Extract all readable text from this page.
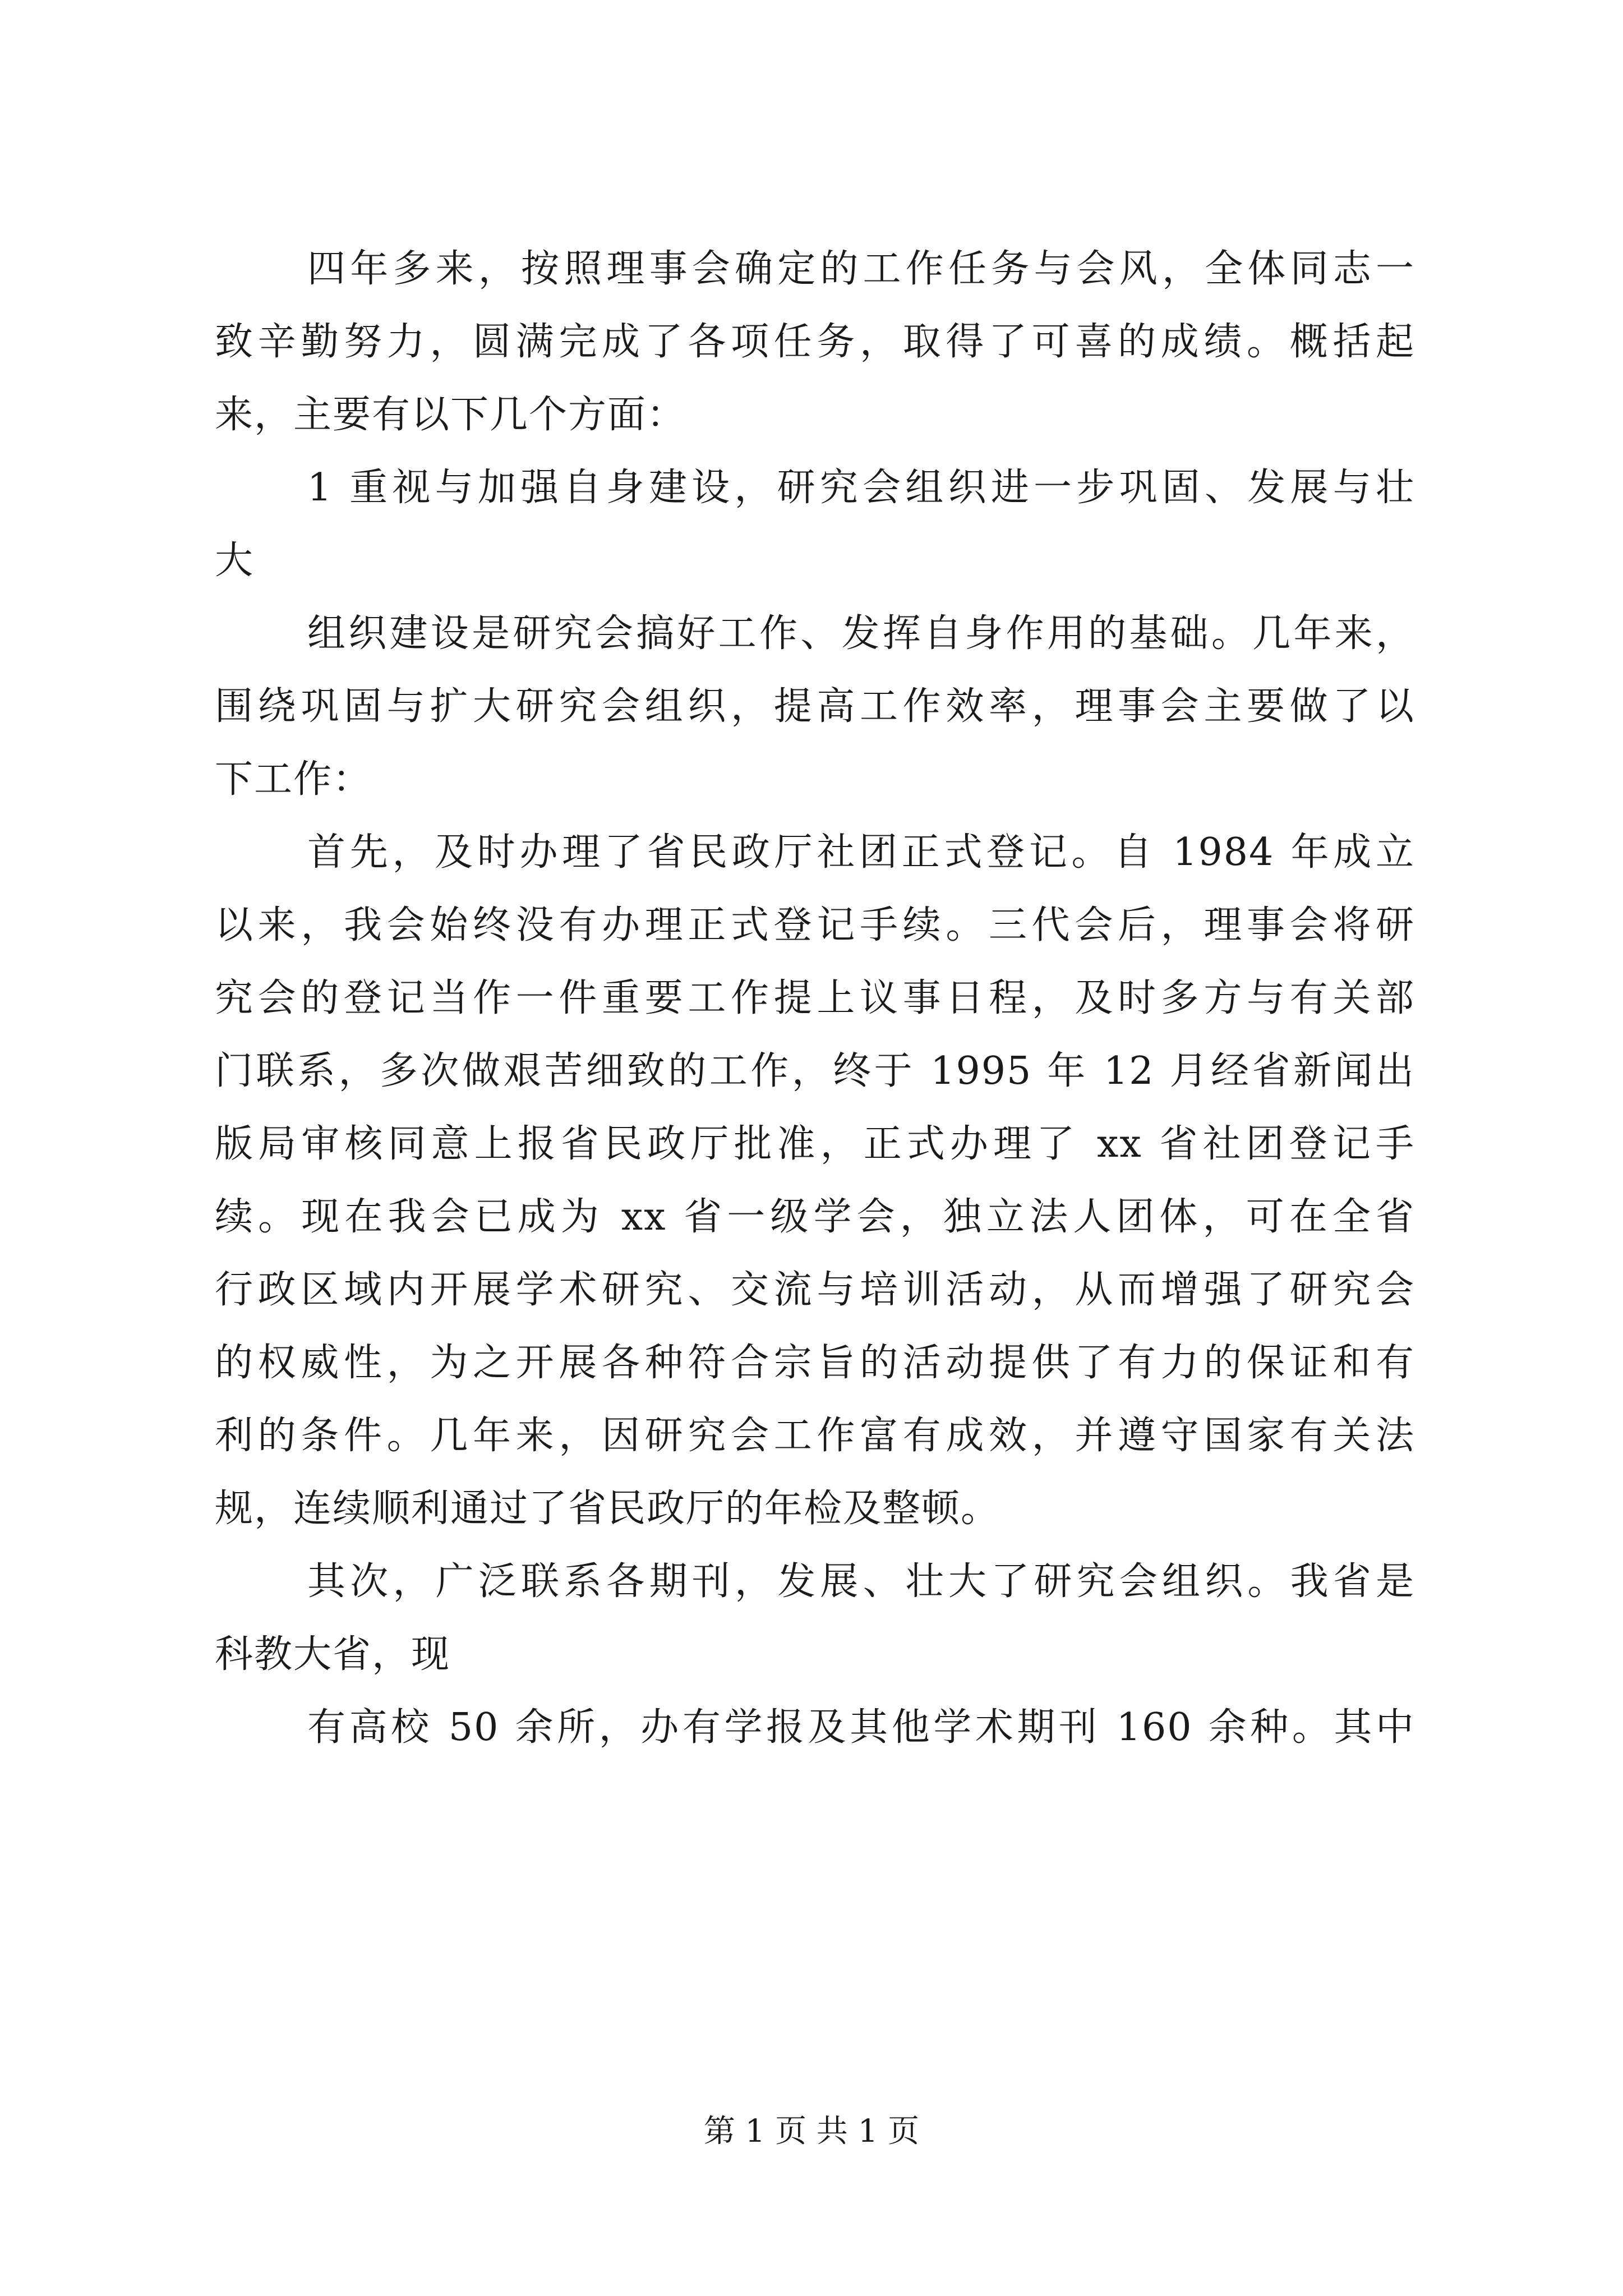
四年多来，按照理事会确定的工作任务与会风，全体同志一

致辛勤努力，圆满完成了各项任务，取得了可喜的成绩。概括起

来，主要有以下几个方面：

1 重视与加强自身建设，研究会组织进一步巩固、发展与壮

大

组织建设是研究会搞好工作、发挥自身作用的基础。几年来，

围绕巩固与扩大研究会组织，提高工作效率，理事会主要做了以

下工作：

首先，及时办理了省民政厅社团正式登记。自 1984 年成立

以来，我会始终没有办理正式登记手续。三代会后，理事会将研

究会的登记当作一件重要工作提上议事日程，及时多方与有关部

门联系，多次做艰苦细致的工作，终于 1995 年 12 月经省新闻出

版局审核同意上报省民政厅批准，正式办理了 xx 省社团登记手

续。现在我会已成为 xx 省一级学会，独立法人团体，可在全省

行政区域内开展学术研究、交流与培训活动，从而增强了研究会

的权威性，为之开展各种符合宗旨的活动提供了有力的保证和有

利的条件。几年来，因研究会工作富有成效，并遵守国家有关法

规，连续顺利通过了省民政厅的年检及整顿。

其次，广泛联系各期刊，发展、壮大了研究会组织。我省是

科教大省，现

有高校 50 余所，办有学报及其他学术期刊 160 余种。其中

第 1 页 共 1 页
